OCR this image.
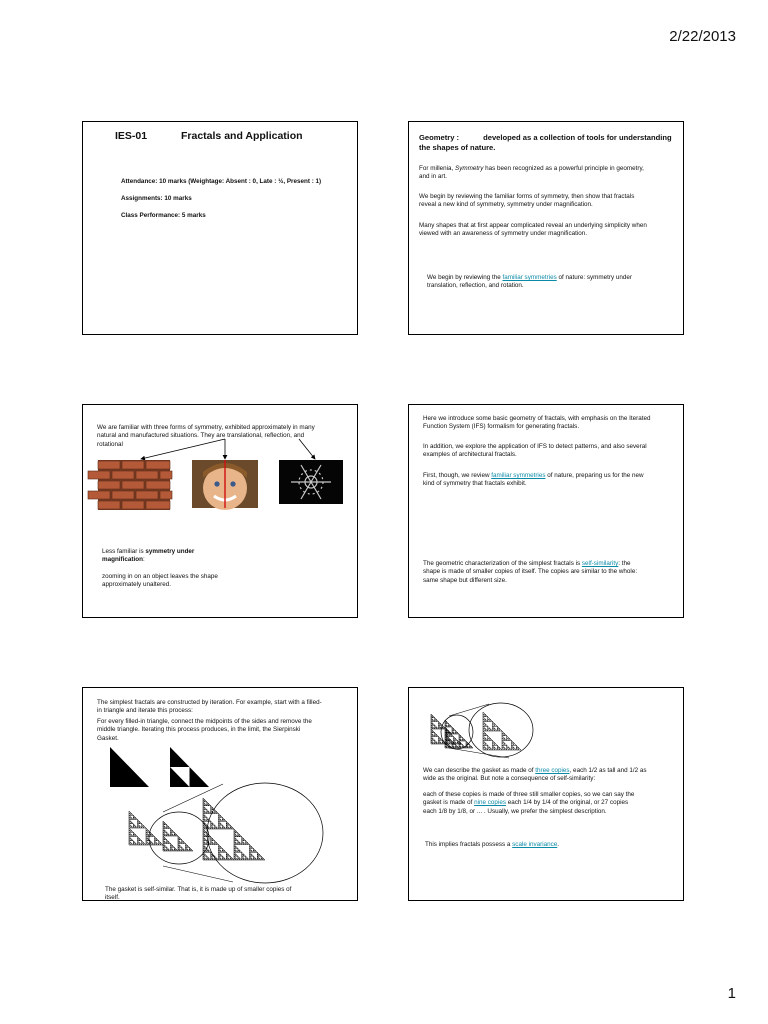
2/22/2013
IES-01	Fractals and Application
Attendance: 10 marks (Weightage: Absent : 0, Late : ½, Present : 1)
Assignments: 10 marks
Class Performance: 5 marks
Geometry :	developed as a collection of tools for understanding
the shapes of nature.
For millenia, Symmetry has been recognized as a powerful principle in geometry,
and in art.
We begin by reviewing the familiar forms of symmetry, then show that fractals
reveal a new kind of symmetry, symmetry under magnification.
Many shapes that at first appear complicated reveal an underlying simplicity when
viewed with an awareness of symmetry under magnification.
We begin by reviewing the familiar symmetries of nature: symmetry under
translation, reflection, and rotation.
We are familiar with three forms of symmetry, exhibited approximately in many
natural and manufactured situations. They are translational, reflection, and
rotational
Less familiar is symmetry under
magnification:
zooming in on an object leaves the shape
approximately unaltered.
Here we introduce some basic geometry of fractals, with emphasis on the Iterated
Function System (IFS) formalism for generating fractals.
In addition, we explore the application of IFS to detect patterns, and also several
examples of architectural fractals.
First, though, we review familiar symmetries of nature, preparing us for the new
kind of symmetry that fractals exhibit.
The geometric characterization of the simplest fractals is self-similarity: the
shape is made of smaller copies of itself. The copies are similar to the whole:
same shape but different size.
The simplest fractals are constructed by iteration. For example, start with a filled-
in triangle and iterate this process:
For every filled-in triangle, connect the midpoints of the sides and remove the
middle triangle. Iterating this process produces, in the limit, the Sierpinski
Gasket.
The gasket is self-similar. That is, it is made up of smaller copies of
itself.
We can describe the gasket as made of three copies, each 1/2 as tall and 1/2 as
wide as the original. But note a consequence of self-similarity:
each of these copies is made of three still smaller copies, so we can say the
gasket is made of nine copies each 1/4 by 1/4 of the original, or 27 copies
each 1/8 by 1/8, or ... . Usually, we prefer the simplest description.
This implies fractals possess a scale invariance.
1
